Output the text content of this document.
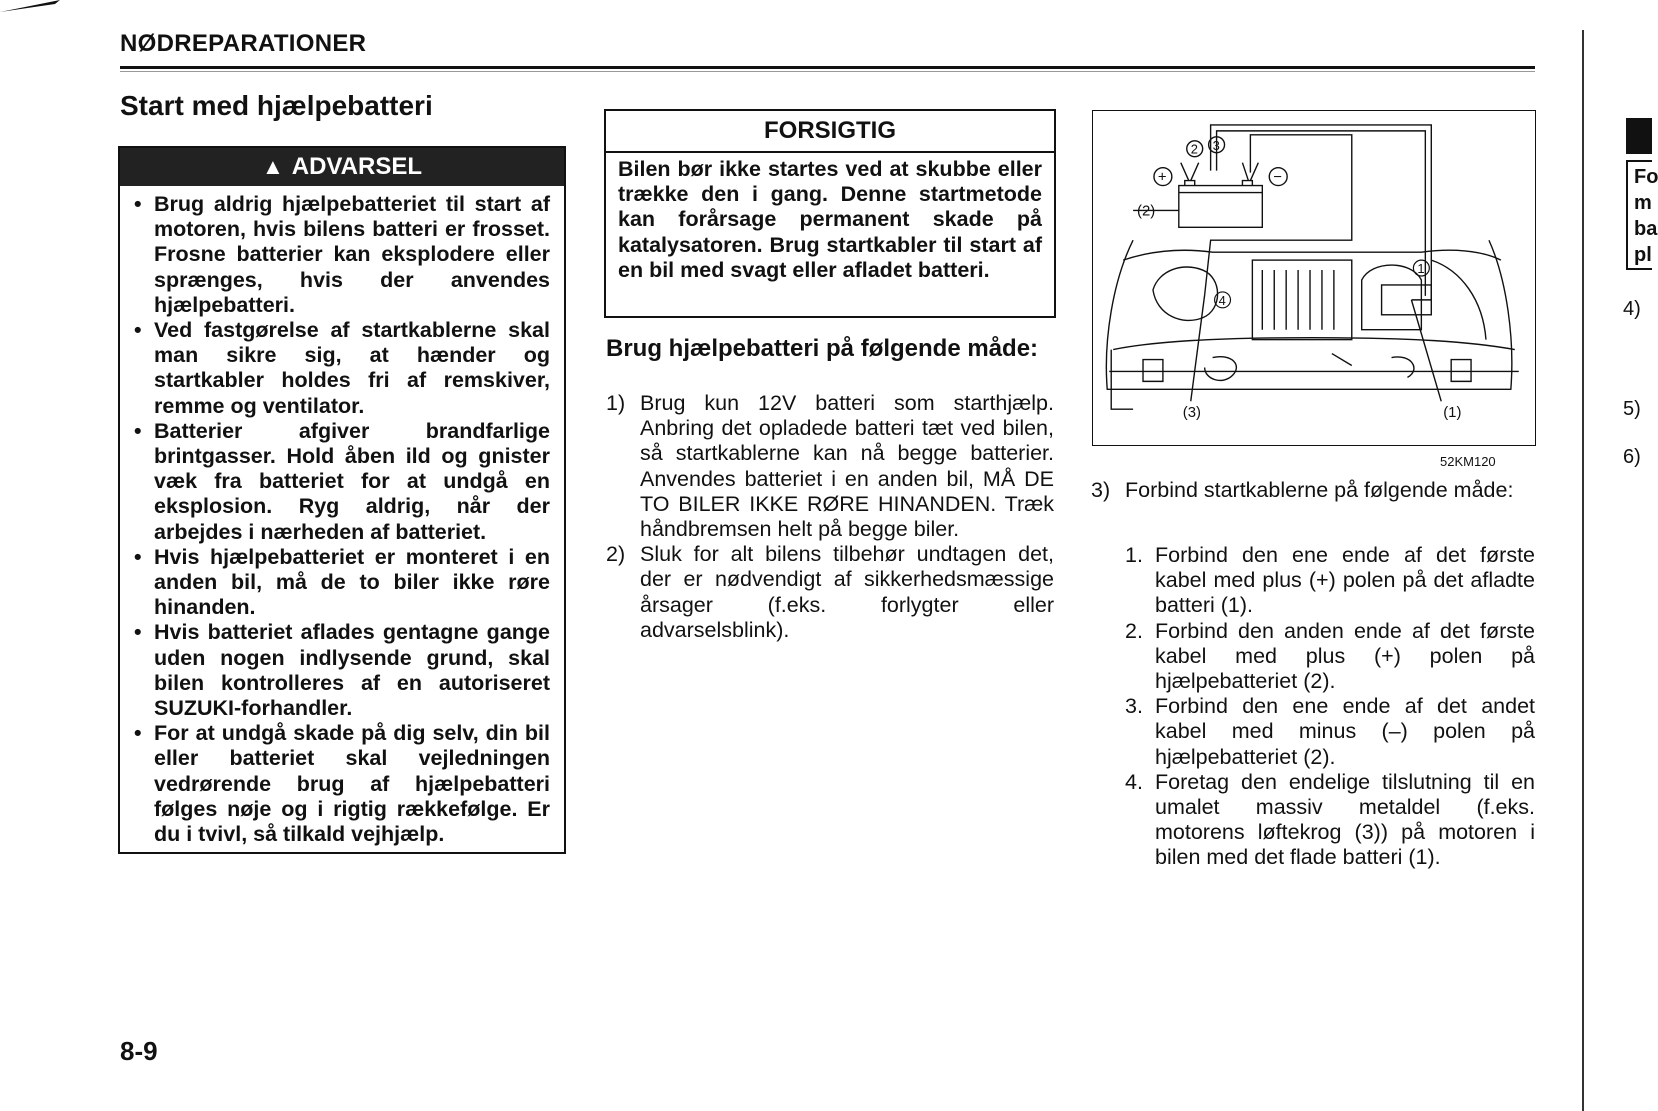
NØDREPARATIONER
Start med hjælpebatteri
▲ ADVARSEL
• Brug aldrig hjælpebatteriet til start af motoren, hvis bilens batteri er frosset. Frosne batterier kan eksplodere eller sprænges, hvis der anvendes hjælpebatteri.
• Ved fastgørelse af startkablerne skal man sikre sig, at hænder og startkabler holdes fri af remskiver, remme og ventilator.
• Batterier afgiver brandfarlige brintgasser. Hold åben ild og gnister væk fra batteriet for at undgå en eksplosion. Ryg aldrig, når der arbejdes i nærheden af batteriet.
• Hvis hjælpebatteriet er monteret i en anden bil, må de to biler ikke røre hinanden.
• Hvis batteriet aflades gentagne gange uden nogen indlysende grund, skal bilen kontrolleres af en autoriseret SUZUKI-forhandler.
• For at undgå skade på dig selv, din bil eller batteriet skal vejledningen vedrørende brug af hjælpebatteri følges nøje og i rigtig rækkefølge. Er du i tvivl, så tilkald vejhjælp.
FORSIGTIG
Bilen bør ikke startes ved at skubbe eller trække den i gang. Denne startmetode kan forårsage permanent skade på katalysatoren. Brug startkabler til start af en bil med svagt eller afladet batteri.
Brug hjælpebatteri på følgende måde:
1) Brug kun 12V batteri som starthjælp. Anbring det opladede batteri tæt ved bilen, så startkablerne kan nå begge batterier. Anvendes batteriet i en anden bil, MÅ DE TO BILER IKKE RØRE HINANDEN. Træk håndbremsen helt på begge biler.
2) Sluk for alt bilens tilbehør undtagen det, der er nødvendigt af sikkerhedsmæssige årsager (f.eks. forlygter eller advarselsblink).
(2)
(3)	(1)
2 3
+	−
4
1
52KM120
3) Forbind startkablerne på følgende måde:
1. Forbind den ene ende af det første kabel med plus (+) polen på det afladte batteri (1).
2. Forbind den anden ende af det første kabel med plus (+) polen på hjælpebatteriet (2).
3. Forbind den ene ende af det andet kabel med minus (–) polen på hjælpebatteriet (2).
4. Foretag den endelige tilslutning til en umalet massiv metaldel (f.eks. motorens løftekrog (3)) på motoren i bilen med det flade batteri (1).
8-9
Fo
m
ba
pl
4)
5)
6)
